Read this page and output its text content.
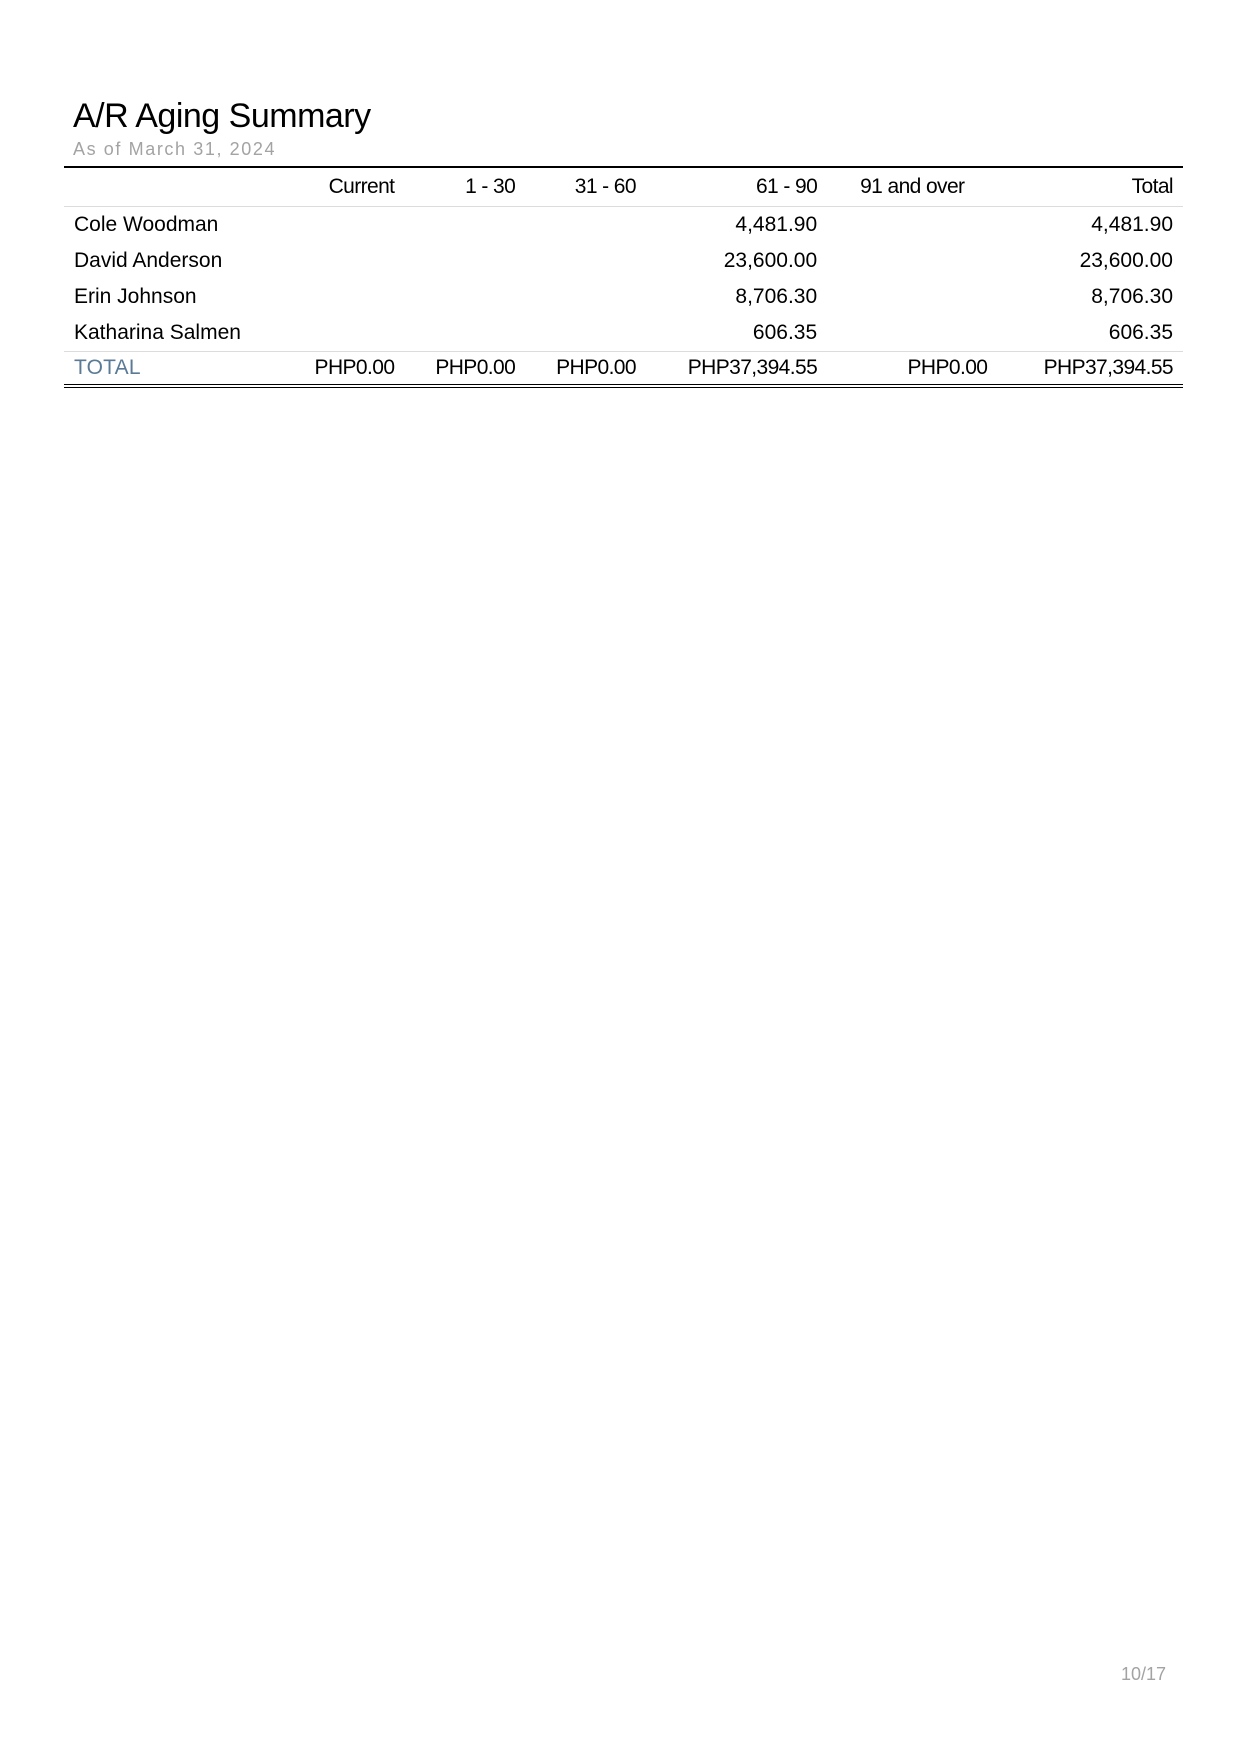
A/R Aging Summary
As of March 31, 2024
	Current	1 - 30	31 - 60	61 - 90	91 and over	Total
Cole Woodman				4,481.90		4,481.90
David Anderson				23,600.00		23,600.00
Erin Johnson				8,706.30		8,706.30
Katharina Salmen				606.35		606.35
TOTAL	PHP0.00	PHP0.00	PHP0.00	PHP37,394.55	PHP0.00	PHP37,394.55
10/17
